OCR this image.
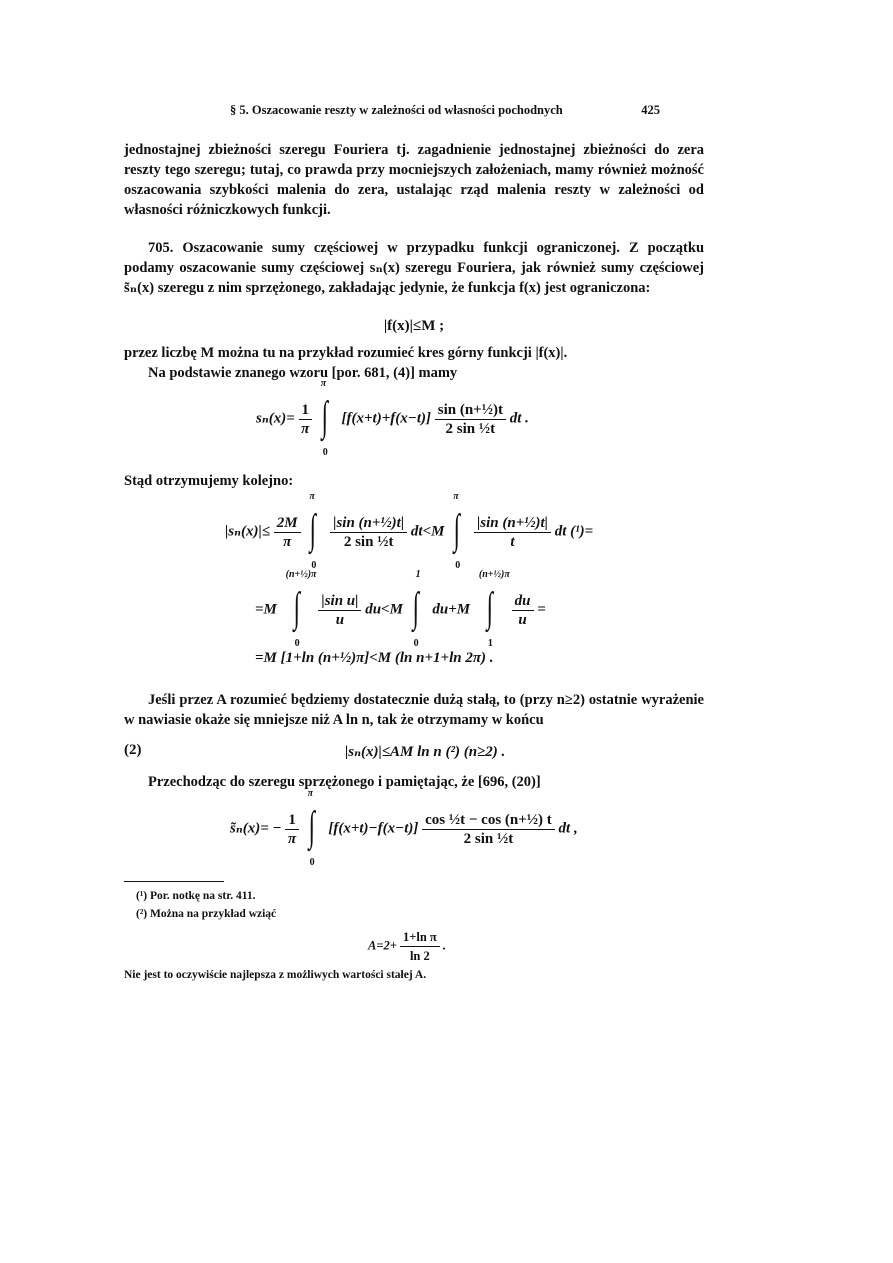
§ 5. Oszacowanie reszty w zależności od własności pochodnych	425

jednostajnej zbieżności szeregu Fouriera tj. zagadnienie jednostajnej zbieżności do zera reszty tego szeregu; tutaj, co prawda przy mocniejszych założeniach, mamy również możność oszacowania szybkości malenia do zera, ustalając rząd malenia reszty w zależności od własności różniczkowych funkcji.

705. Oszacowanie sumy częściowej w przypadku funkcji ograniczonej. Z początku podamy oszacowanie sumy częściowej sₙ(x) szeregu Fouriera, jak również sumy częściowej s̃ₙ(x) szeregu z nim sprzężonego, zakładając jedynie, że funkcja f(x) jest ograniczona:

|f(x)|≤M ;

przez liczbę M można tu na przykład rozumieć kres górny funkcji |f(x)|.

Na podstawie znanego wzoru [por. 681, (4)] mamy

$s_n(x)= \frac{1}{\pi}$

π
∫
0
$[f(x+t)+f(x-t)] \frac{\text{sin (n+½)t}}{\text{2 sin ½t}}$ dt .

Stąd otrzymujemy kolejno:

$|s_n(x)|\le \frac{2M}{\pi}$

π
∫
0

$\frac{\text{|sin (n+½)t|}}{\text{2 sin ½t}} dt<M$
π
∫
0

$\frac{\text{|sin (n+½)t|}}{t}$ dt (¹)=
=M
(n+½)π
∫
0

$\frac{\text{|sin u|}}{u} du<M$
1
∫
0
du+M
(n+½)π
∫
1

$\frac{du}{u}$ =
=M [1+ln (n+½)π]<M (ln n+1+ln 2π) .

Jeśli przez A rozumieć będziemy dostatecznie dużą stałą, to (przy n≥2) ostatnie wyrażenie w nawiasie okaże się mniejsze niż A ln n, tak że otrzymamy w końcu

(2)	|sₙ(x)|≤AM ln n (²) (n≥2) .

Przechodząc do szeregu sprzężonego i pamiętając, że [696, (20)]

s̃ₙ(x)= − $\frac{1}{\pi}$

π
∫
0
$[f(x+t)-f(x-t)] \frac{\text{cos ½t − cos (n+½) t}}{\text{2 sin ½t}}$ dt ,
(¹) Por. notkę na str. 411.
(²) Można na przykład wziąć
$A=2+ \frac{\text{1+ln π}}{\ln 2}$ .
Nie jest to oczywiście najlepsza z możliwych wartości stałej A.
